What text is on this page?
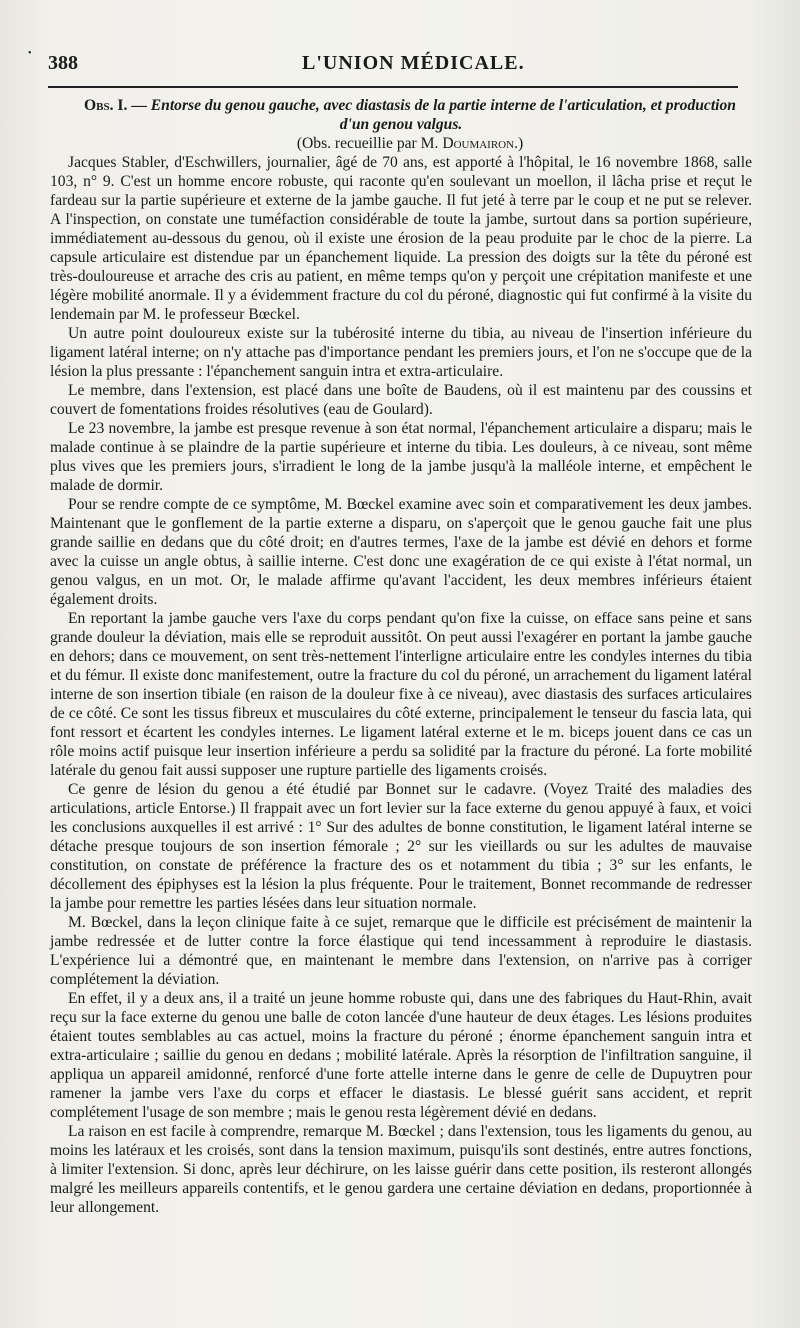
• 388	L'UNION MÉDICALE.

Obs. I. — Entorse du genou gauche, avec diastasis de la partie interne de l'articulation, et production d'un genou valgus.

(Obs. recueillie par M. Doumairon.)

Jacques Stabler, d'Eschwillers, journalier, âgé de 70 ans, est apporté à l'hôpital, le 16 novembre 1868, salle 103, n° 9. C'est un homme encore robuste, qui raconte qu'en soulevant un moellon, il lâcha prise et reçut le fardeau sur la partie supérieure et externe de la jambe gauche. Il fut jeté à terre par le coup et ne put se relever. A l'inspection, on constate une tuméfaction considérable de toute la jambe, surtout dans sa portion supérieure, immédiatement au-dessous du genou, où il existe une érosion de la peau produite par le choc de la pierre. La capsule articulaire est distendue par un épanchement liquide. La pression des doigts sur la tête du péroné est très-douloureuse et arrache des cris au patient, en même temps qu'on y perçoit une crépitation manifeste et une légère mobilité anormale. Il y a évidemment fracture du col du péroné, diagnostic qui fut confirmé à la visite du lendemain par M. le professeur Bœckel.

Un autre point douloureux existe sur la tubérosité interne du tibia, au niveau de l'insertion inférieure du ligament latéral interne; on n'y attache pas d'importance pendant les premiers jours, et l'on ne s'occupe que de la lésion la plus pressante : l'épanchement sanguin intra et extra-articulaire.

Le membre, dans l'extension, est placé dans une boîte de Baudens, où il est maintenu par des coussins et couvert de fomentations froides résolutives (eau de Goulard).

Le 23 novembre, la jambe est presque revenue à son état normal, l'épanchement articulaire a disparu; mais le malade continue à se plaindre de la partie supérieure et interne du tibia. Les douleurs, à ce niveau, sont même plus vives que les premiers jours, s'irradient le long de la jambe jusqu'à la malléole interne, et empêchent le malade de dormir.

Pour se rendre compte de ce symptôme, M. Bœckel examine avec soin et comparativement les deux jambes. Maintenant que le gonflement de la partie externe a disparu, on s'aperçoit que le genou gauche fait une plus grande saillie en dedans que du côté droit; en d'autres termes, l'axe de la jambe est dévié en dehors et forme avec la cuisse un angle obtus, à saillie interne. C'est donc une exagération de ce qui existe à l'état normal, un genou valgus, en un mot. Or, le malade affirme qu'avant l'accident, les deux membres inférieurs étaient également droits.

En reportant la jambe gauche vers l'axe du corps pendant qu'on fixe la cuisse, on efface sans peine et sans grande douleur la déviation, mais elle se reproduit aussitôt. On peut aussi l'exagérer en portant la jambe gauche en dehors; dans ce mouvement, on sent très-nettement l'interligne articulaire entre les condyles internes du tibia et du fémur. Il existe donc manifestement, outre la fracture du col du péroné, un arrachement du ligament latéral interne de son insertion tibiale (en raison de la douleur fixe à ce niveau), avec diastasis des surfaces articulaires de ce côté. Ce sont les tissus fibreux et musculaires du côté externe, principalement le tenseur du fascia lata, qui font ressort et écartent les condyles internes. Le ligament latéral externe et le m. biceps jouent dans ce cas un rôle moins actif puisque leur insertion inférieure a perdu sa solidité par la fracture du péroné. La forte mobilité latérale du genou fait aussi supposer une rupture partielle des ligaments croisés.

Ce genre de lésion du genou a été étudié par Bonnet sur le cadavre. (Voyez Traité des maladies des articulations, article Entorse.) Il frappait avec un fort levier sur la face externe du genou appuyé à faux, et voici les conclusions auxquelles il est arrivé : 1° Sur des adultes de bonne constitution, le ligament latéral interne se détache presque toujours de son insertion fémorale ; 2° sur les vieillards ou sur les adultes de mauvaise constitution, on constate de préférence la fracture des os et notamment du tibia ; 3° sur les enfants, le décollement des épiphyses est la lésion la plus fréquente. Pour le traitement, Bonnet recommande de redresser la jambe pour remettre les parties lésées dans leur situation normale.

M. Bœckel, dans la leçon clinique faite à ce sujet, remarque que le difficile est précisément de maintenir la jambe redressée et de lutter contre la force élastique qui tend incessamment à reproduire le diastasis. L'expérience lui a démontré que, en maintenant le membre dans l'extension, on n'arrive pas à corriger complétement la déviation.

En effet, il y a deux ans, il a traité un jeune homme robuste qui, dans une des fabriques du Haut-Rhin, avait reçu sur la face externe du genou une balle de coton lancée d'une hauteur de deux étages. Les lésions produites étaient toutes semblables au cas actuel, moins la fracture du péroné ; énorme épanchement sanguin intra et extra-articulaire ; saillie du genou en dedans ; mobilité latérale. Après la résorption de l'infiltration sanguine, il appliqua un appareil amidonné, renforcé d'une forte attelle interne dans le genre de celle de Dupuytren pour ramener la jambe vers l'axe du corps et effacer le diastasis. Le blessé guérit sans accident, et reprit complétement l'usage de son membre ; mais le genou resta légèrement dévié en dedans.

La raison en est facile à comprendre, remarque M. Bœckel ; dans l'extension, tous les ligaments du genou, au moins les latéraux et les croisés, sont dans la tension maximum, puisqu'ils sont destinés, entre autres fonctions, à limiter l'extension. Si donc, après leur déchirure, on les laisse guérir dans cette position, ils resteront allongés malgré les meilleurs appareils contentifs, et le genou gardera une certaine déviation en dedans, proportionnée à leur allongement.
